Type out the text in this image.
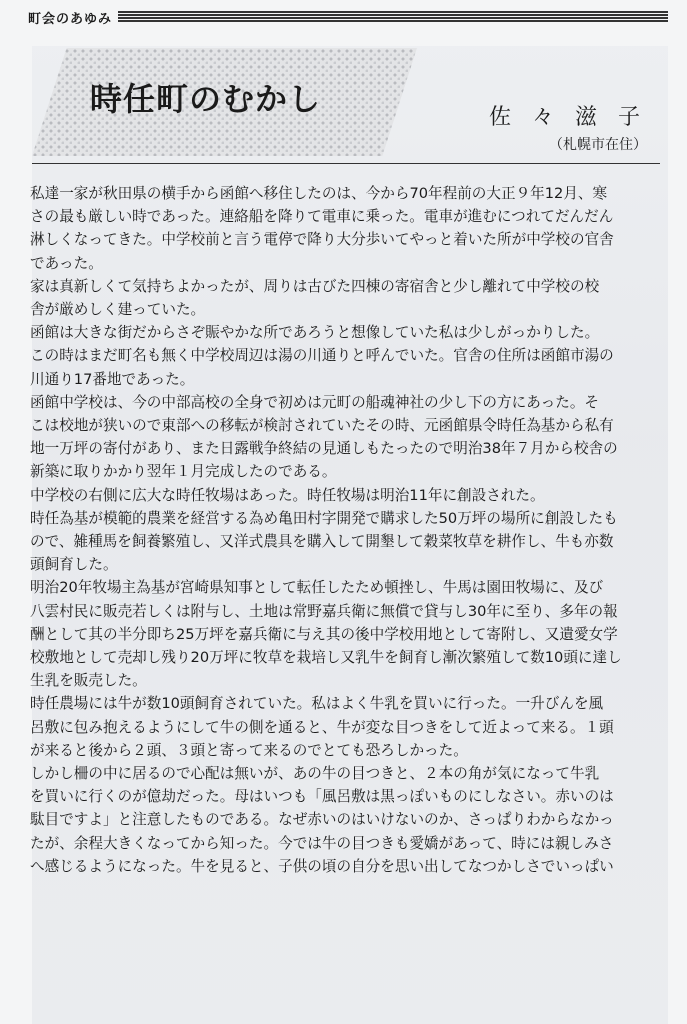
町会のあゆみ
時任町のむかし	佐 々 滋 子
（札幌市在住）
私達一家が秋田県の横手から函館へ移住したのは、今から70年程前の大正９年12月、寒
さの最も厳しい時であった。連絡船を降りて電車に乗った。電車が進むにつれてだんだん
淋しくなってきた。中学校前と言う電停で降り大分歩いてやっと着いた所が中学校の官舎
であった。
家は真新しくて気持ちよかったが、周りは古びた四棟の寄宿舎と少し離れて中学校の校
舎が厳めしく建っていた。
函館は大きな街だからさぞ賑やかな所であろうと想像していた私は少しがっかりした。
この時はまだ町名も無く中学校周辺は湯の川通りと呼んでいた。官舎の住所は函館市湯の
川通り17番地であった。
函館中学校は、今の中部高校の全身で初めは元町の船魂神社の少し下の方にあった。そ
こは校地が狭いので東部への移転が検討されていたその時、元函館県令時任為基から私有
地一万坪の寄付があり、また日露戦争終結の見通しもたったので明治38年７月から校舎の
新築に取りかかり翌年１月完成したのである。
中学校の右側に広大な時任牧場はあった。時任牧場は明治11年に創設された。
時任為基が模範的農業を経営する為め亀田村字開発で購求した50万坪の場所に創設したも
ので、雑種馬を飼養繁殖し、又洋式農具を購入して開墾して穀菜牧草を耕作し、牛も亦数
頭飼育した。
明治20年牧場主為基が宮崎県知事として転任したため頓挫し、牛馬は園田牧場に、及び
八雲村民に販売若しくは附与し、土地は常野嘉兵衛に無償で貸与し30年に至り、多年の報
酬として其の半分即ち25万坪を嘉兵衛に与え其の後中学校用地として寄附し、又遺愛女学
校敷地として売却し残り20万坪に牧草を栽培し又乳牛を飼育し漸次繁殖して数10頭に達し
生乳を販売した。
時任農場には牛が数10頭飼育されていた。私はよく牛乳を買いに行った。一升びんを風
呂敷に包み抱えるようにして牛の側を通ると、牛が変な目つきをして近よって来る。１頭
が来ると後から２頭、３頭と寄って来るのでとても恐ろしかった。
しかし柵の中に居るので心配は無いが、あの牛の目つきと、２本の角が気になって牛乳
を買いに行くのが億劫だった。母はいつも「風呂敷は黒っぽいものにしなさい。赤いのは
駄目ですよ」と注意したものである。なぜ赤いのはいけないのか、さっぱりわからなかっ
たが、余程大きくなってから知った。今では牛の目つきも愛嬌があって、時には親しみさ
へ感じるようになった。牛を見ると、子供の頃の自分を思い出してなつかしさでいっぱい
